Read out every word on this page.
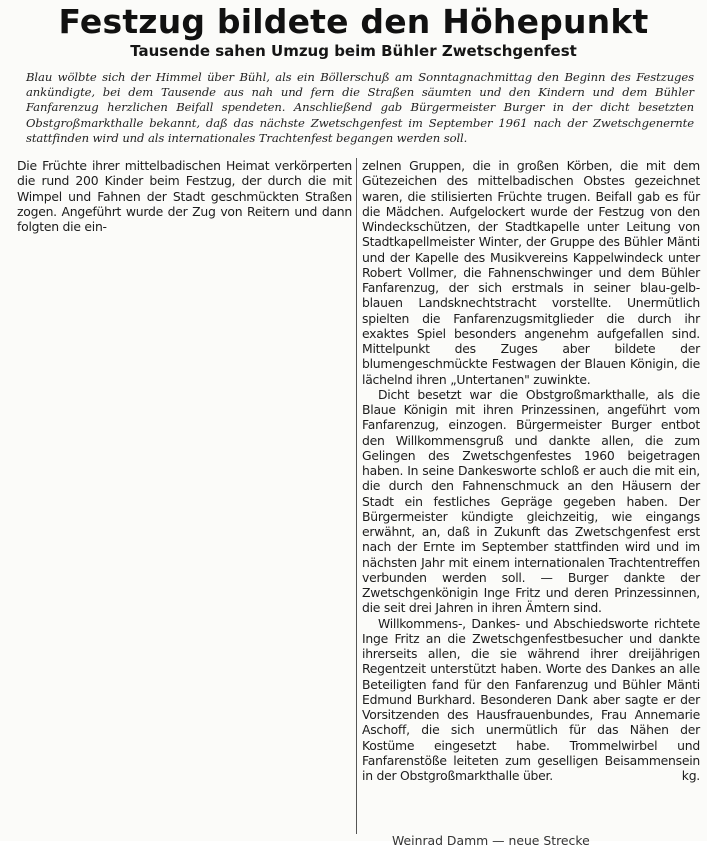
Festzug bildete den Höhepunkt
Tausende sahen Umzug beim Bühler Zwetschgenfest
Blau wölbte sich der Himmel über Bühl, als ein Böllerschuß am Sonntagnachmittag den Beginn des Festzuges ankündigte, bei dem Tausende aus nah und fern die Straßen säumten und den Kindern und dem Bühler Fanfarenzug herzlichen Beifall spendeten. Anschließend gab Bürgermeister Burger in der dicht besetzten Obstgroßmarkthalle bekannt, daß das nächste Zwetschgenfest im September 1961 nach der Zwetschgenernte stattfinden wird und als internationales Trachtenfest begangen werden soll.

Die Früchte ihrer mittelbadischen Heimat verkörperten die rund 200 Kinder beim Festzug, der durch die mit Wimpel und Fahnen der Stadt geschmückten Straßen zogen. Angeführt wurde der Zug von Reitern und dann folgten die ein-

zelnen Gruppen, die in großen Körben, die mit dem Gütezeichen des mittelbadischen Obstes gezeichnet waren, die stilisierten Früchte trugen. Beifall gab es für die Mädchen. Aufgelockert wurde der Festzug von den Windeckschützen, der Stadtkapelle unter Leitung von Stadtkapellmeister Winter, der Gruppe des Bühler Mänti und der Kapelle des Musikvereins Kappelwindeck unter Robert Vollmer, die Fahnenschwinger und dem Bühler Fanfarenzug, der sich erstmals in seiner blau-gelb-blauen Landsknechtstracht vorstellte. Unermütlich spielten die Fanfarenzugsmitglieder die durch ihr exaktes Spiel besonders angenehm aufgefallen sind. Mittelpunkt des Zuges aber bildete der blumengeschmückte Festwagen der Blauen Königin, die lächelnd ihren „Untertanen" zuwinkte.

Dicht besetzt war die Obstgroßmarkthalle, als die Blaue Königin mit ihren Prinzessinen, angeführt vom Fanfarenzug, einzogen. Bürgermeister Burger entbot den Willkommensgruß und dankte allen, die zum Gelingen des Zwetschgenfestes 1960 beigetragen haben. In seine Dankesworte schloß er auch die mit ein, die durch den Fahnenschmuck an den Häusern der Stadt ein festliches Gepräge gegeben haben. Der Bürgermeister kündigte gleichzeitig, wie eingangs erwähnt, an, daß in Zukunft das Zwetschgenfest erst nach der Ernte im September stattfinden wird und im nächsten Jahr mit einem internationalen Trachtentreffen verbunden werden soll. — Burger dankte der Zwetschgenkönigin Inge Fritz und deren Prinzessinnen, die seit drei Jahren in ihren Ämtern sind.

Willkommens-, Dankes- und Abschiedsworte richtete Inge Fritz an die Zwetschgenfestbesucher und dankte ihrerseits allen, die sie während ihrer dreijährigen Regentzeit unterstützt haben. Worte des Dankes an alle Beteiligten fand für den Fanfarenzug und Bühler Mänti Edmund Burkhard. Besonderen Dank aber sagte er der Vorsitzenden des Hausfrauenbundes, Frau Annemarie Aschoff, die sich unermütlich für das Nähen der Kostüme eingesetzt habe. Trommelwirbel und Fanfarenstöße leiteten zum geselligen Beisammensein in der Obstgroßmarkthalle über.	kg.

Weinrad Damm — neue Strecke
